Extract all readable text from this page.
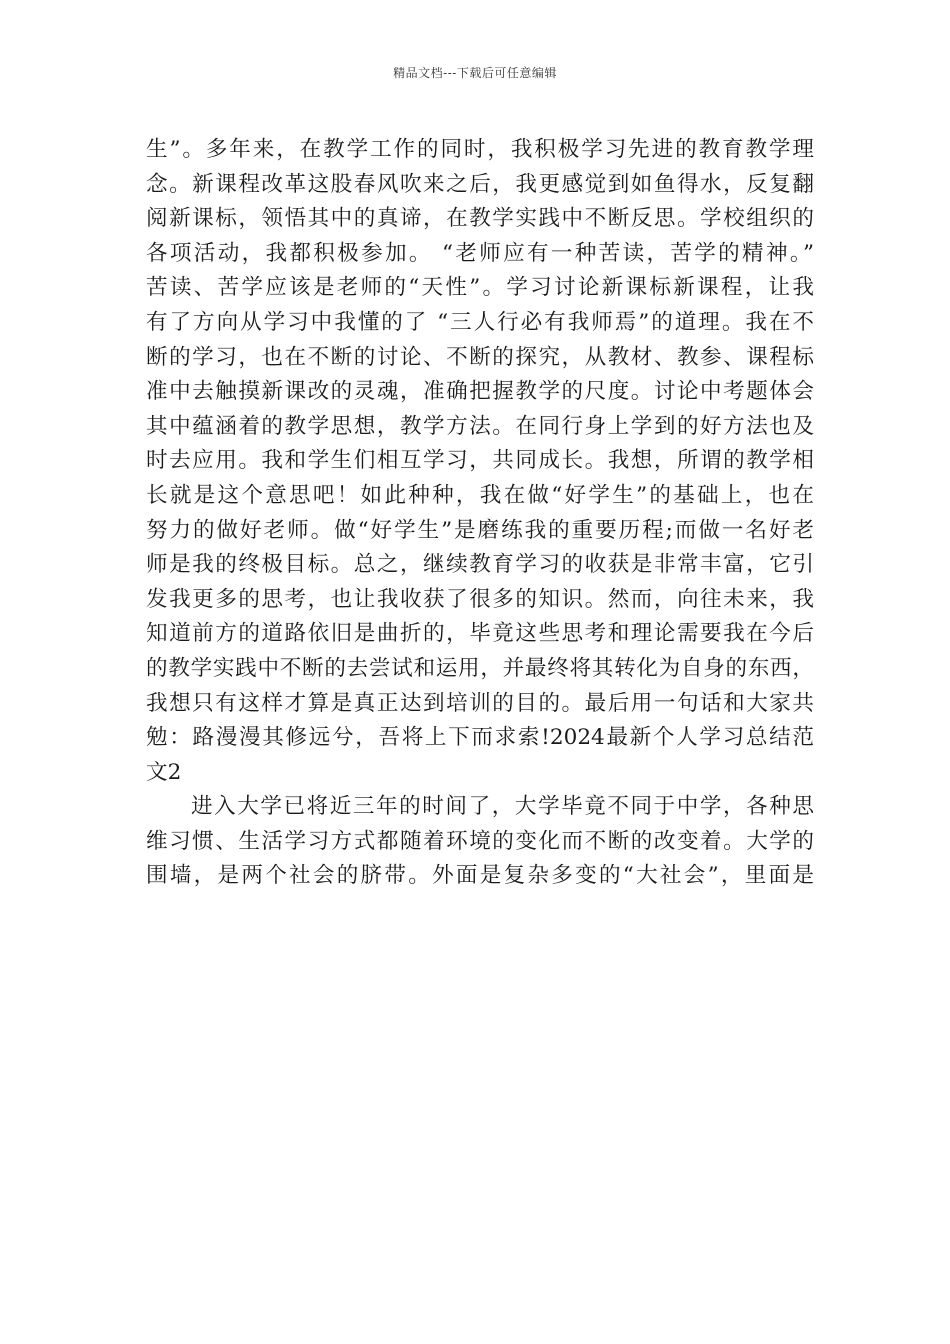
精品文档---下载后可任意编辑
生”。多年来，在教学工作的同时，我积极学习先进的教育教学理
念。新课程改革这股春风吹来之后，我更感觉到如鱼得水，反复翻
阅新课标，领悟其中的真谛，在教学实践中不断反思。学校组织的
各项活动，我都积极参加。 “老师应有一种苦读，苦学的精神。”
苦读、苦学应该是老师的“天性”。学习讨论新课标新课程，让我
有了方向从学习中我懂的了 “三人行必有我师焉”的道理。我在不
断的学习，也在不断的讨论、不断的探究，从教材、教参、课程标
准中去触摸新课改的灵魂，准确把握教学的尺度。讨论中考题体会
其中蕴涵着的教学思想，教学方法。在同行身上学到的好方法也及
时去应用。我和学生们相互学习，共同成长。我想，所谓的教学相
长就是这个意思吧！如此种种，我在做“好学生”的基础上，也在
努力的做好老师。做“好学生”是磨练我的重要历程;而做一名好老
师是我的终极目标。总之，继续教育学习的收获是非常丰富，它引
发我更多的思考，也让我收获了很多的知识。然而，向往未来，我
知道前方的道路依旧是曲折的，毕竟这些思考和理论需要我在今后
的教学实践中不断的去尝试和运用，并最终将其转化为自身的东西，
我想只有这样才算是真正达到培训的目的。最后用一句话和大家共
勉：路漫漫其修远兮，吾将上下而求索!2024最新个人学习总结范
文2
进入大学已将近三年的时间了，大学毕竟不同于中学，各种思
维习惯、生活学习方式都随着环境的变化而不断的改变着。大学的
围墙，是两个社会的脐带。外面是复杂多变的“大社会”，里面是
